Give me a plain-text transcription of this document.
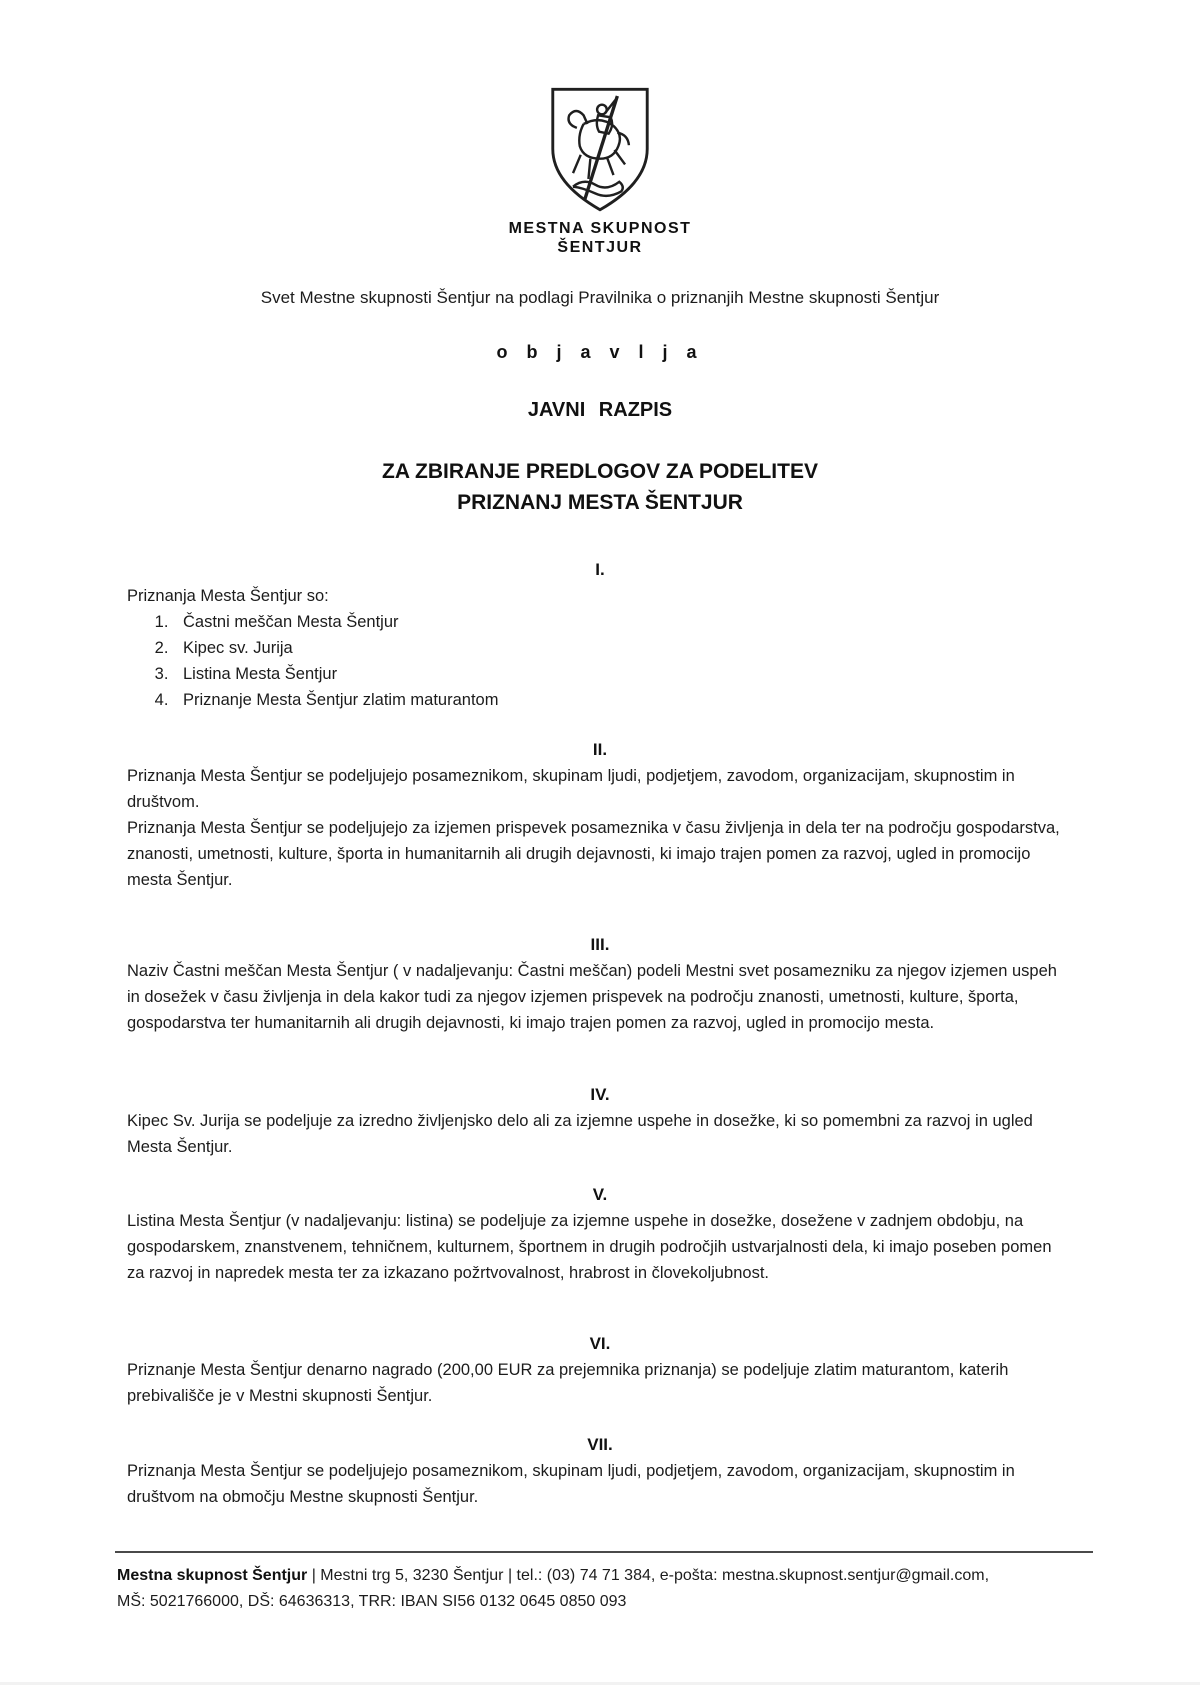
MESTNA SKUPNOST
ŠENTJUR
Svet Mestne skupnosti Šentjur na podlagi Pravilnika o priznanjih Mestne skupnosti Šentjur
o b j a v l j a
JAVNI RAZPIS
ZA ZBIRANJE PREDLOGOV ZA PODELITEV
PRIZNANJ MESTA ŠENTJUR
I.

Priznanja Mesta Šentjur so:

1. Častni meščan Mesta Šentjur
2. Kipec sv. Jurija
3. Listina Mesta Šentjur
4. Priznanje Mesta Šentjur zlatim maturantom
II.

Priznanja Mesta Šentjur se podeljujejo posameznikom, skupinam ljudi, podjetjem, zavodom, organizacijam, skupnostim in društvom.

Priznanja Mesta Šentjur se podeljujejo za izjemen prispevek posameznika v času življenja in dela ter na področju gospodarstva, znanosti, umetnosti, kulture, športa in humanitarnih ali drugih dejavnosti, ki imajo trajen pomen za razvoj, ugled in promocijo mesta Šentjur.

III.

Naziv Častni meščan Mesta Šentjur ( v nadaljevanju: Častni meščan) podeli Mestni svet posamezniku za njegov izjemen uspeh in dosežek v času življenja in dela kakor tudi za njegov izjemen prispevek na področju znanosti, umetnosti, kulture, športa, gospodarstva ter humanitarnih ali drugih dejavnosti, ki imajo trajen pomen za razvoj, ugled in promocijo mesta.

IV.

Kipec Sv. Jurija se podeljuje za izredno življenjsko delo ali za izjemne uspehe in dosežke, ki so pomembni za razvoj in ugled Mesta Šentjur.

V.

Listina Mesta Šentjur (v nadaljevanju: listina) se podeljuje za izjemne uspehe in dosežke, dosežene v zadnjem obdobju, na gospodarskem, znanstvenem, tehničnem, kulturnem, športnem in drugih področjih ustvarjalnosti dela, ki imajo poseben pomen za razvoj in napredek mesta ter za izkazano požrtvovalnost, hrabrost in človekoljubnost.

VI.

Priznanje Mesta Šentjur denarno nagrado (200,00 EUR za prejemnika priznanja) se podeljuje zlatim maturantom, katerih prebivališče je v Mestni skupnosti Šentjur.

VII.

Priznanja Mesta Šentjur se podeljujejo posameznikom, skupinam ljudi, podjetjem, zavodom, organizacijam, skupnostim in društvom na območju Mestne skupnosti Šentjur.

Mestna skupnost Šentjur | Mestni trg 5, 3230 Šentjur | tel.: (03) 74 71 384, e-pošta: mestna.skupnost.sentjur@gmail.com,
MŠ: 5021766000, DŠ: 64636313, TRR: IBAN SI56 0132 0645 0850 093
